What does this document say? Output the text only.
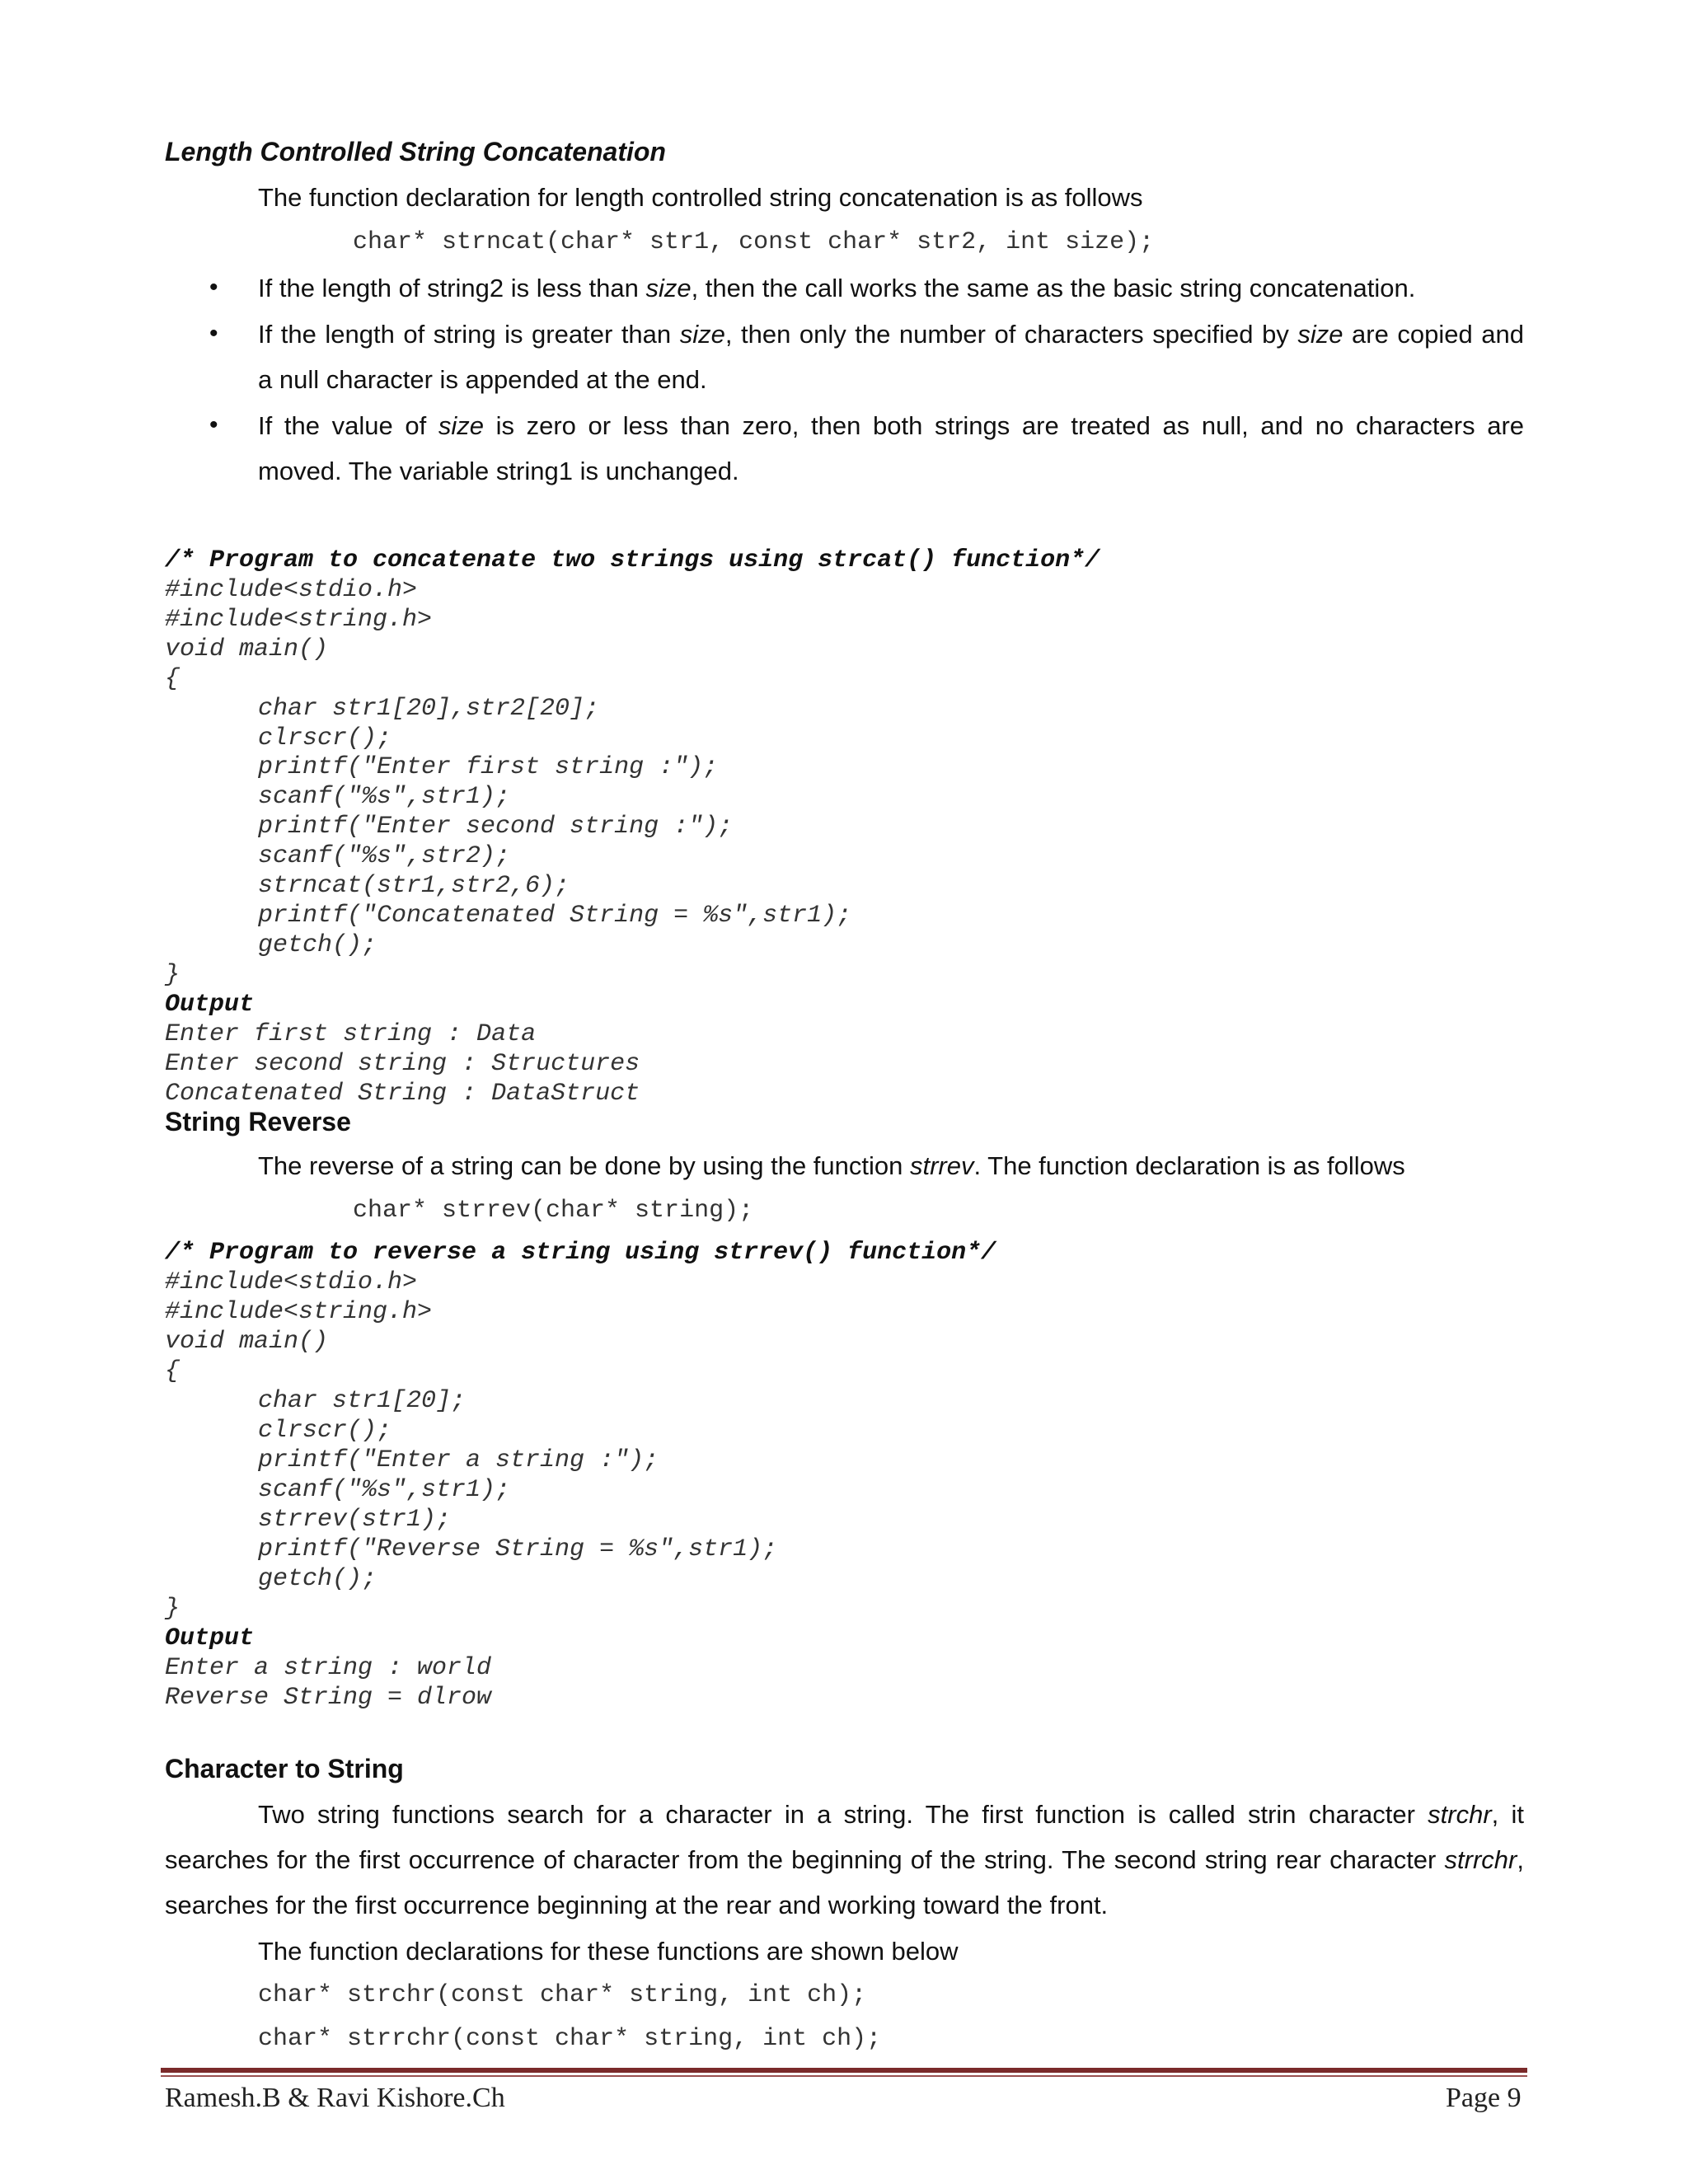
Length Controlled String Concatenation
The function declaration for length controlled string concatenation is as follows
char* strncat(char* str1, const char* str2, int size);
• If the length of string2 is less than size, then the call works the same as the basic string concatenation.
• If the length of string is greater than size, then only the number of characters specified by size are copied and
a null character is appended at the end.
• If the value of size is zero or less than zero, then both strings are treated as null, and no characters are
moved. The variable string1 is unchanged.
/* Program to concatenate two strings using strcat() function*/
#include<stdio.h>
#include<string.h>
void main()
{
char str1[20],str2[20];
clrscr();
printf("Enter first string :");
scanf("%s",str1);
printf("Enter second string :");
scanf("%s",str2);
strncat(str1,str2,6);
printf("Concatenated String = %s",str1);
getch();
}
Output
Enter first string : Data
Enter second string : Structures
Concatenated String : DataStruct
String Reverse
The reverse of a string can be done by using the function strrev. The function declaration is as follows
char* strrev(char* string);
/* Program to reverse a string using strrev() function*/
#include<stdio.h>
#include<string.h>
void main()
{
char str1[20];
clrscr();
printf("Enter a string :");
scanf("%s",str1);
strrev(str1);
printf("Reverse String = %s",str1);
getch();
}
Output
Enter a string : world
Reverse String = dlrow
Character to String
Two string functions search for a character in a string. The first function is called strin character strchr, it
searches for the first occurrence of character from the beginning of the string. The second string rear character strrchr,
searches for the first occurrence beginning at the rear and working toward the front.
The function declarations for these functions are shown below
char* strchr(const char* string, int ch);
char* strrchr(const char* string, int ch);
Ramesh.B & Ravi Kishore.Ch	Page 9
